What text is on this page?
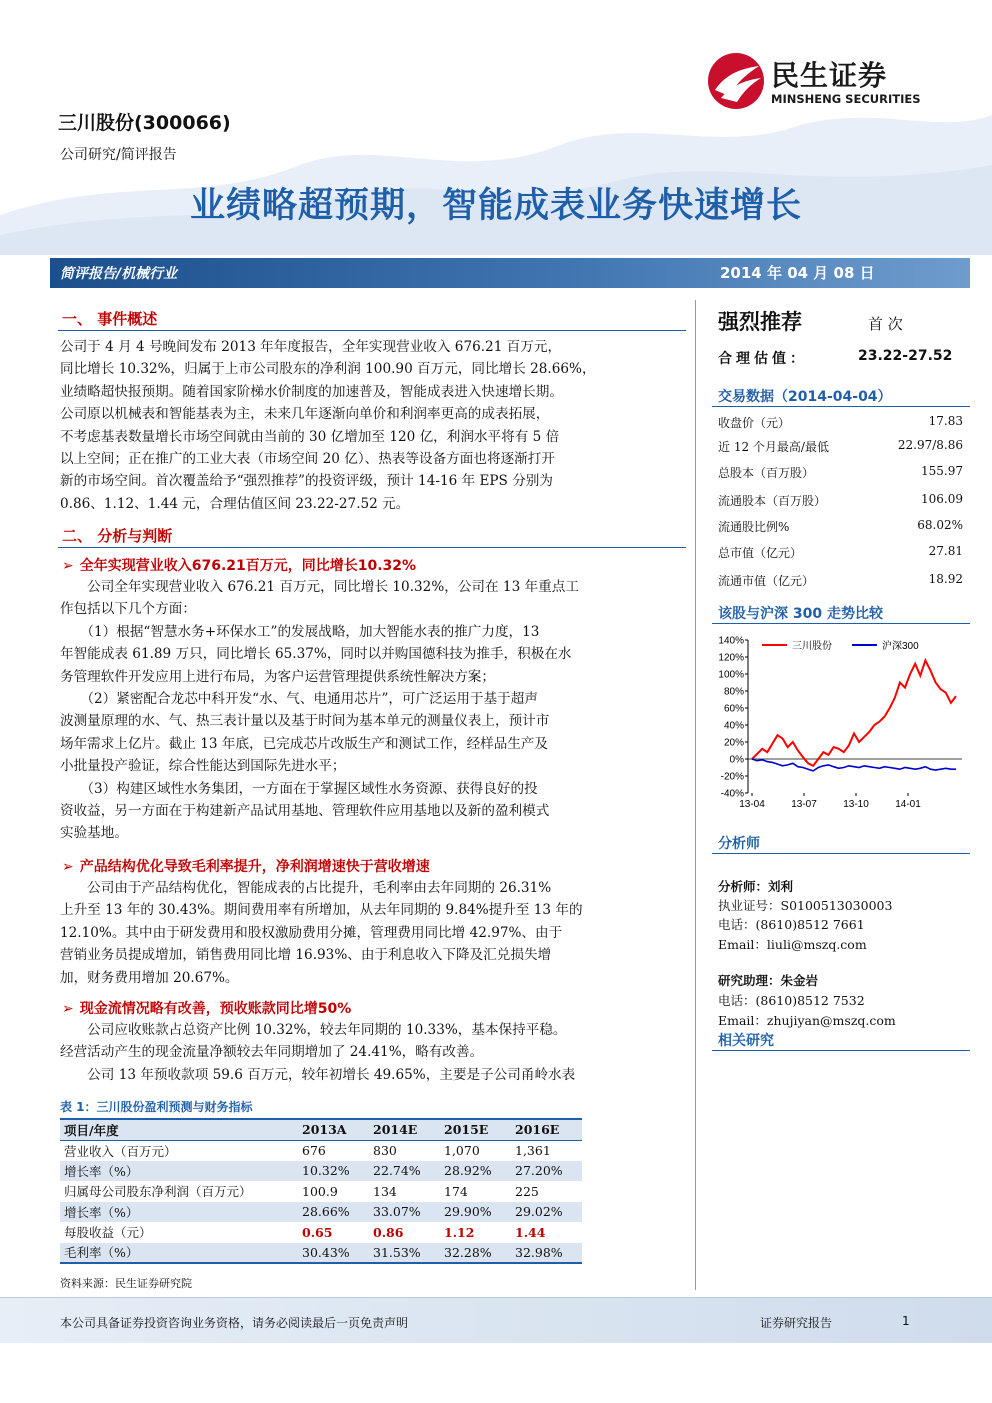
民生证券
MINSHENG SECURITIES
三川股份(300066)
公司研究/简评报告
业绩略超预期，智能成表业务快速增长
简评报告/机械行业	2014 年 04 月 08 日
一、 事件概述
公司于 4 月 4 号晚间发布 2013 年年度报告，全年实现营业收入 676.21 百万元，
同比增长 10.32%，归属于上市公司股东的净利润 100.90 百万元，同比增长 28.66%，
业绩略超快报预期。随着国家阶梯水价制度的加速普及，智能成表进入快速增长期。
公司原以机械表和智能基表为主，未来几年逐渐向单价和利润率更高的成表拓展，
不考虑基表数量增长市场空间就由当前的 30 亿增加至 120 亿，利润水平将有 5 倍
以上空间；正在推广的工业大表（市场空间 20 亿）、热表等设备方面也将逐渐打开
新的市场空间。首次覆盖给予“强烈推荐”的投资评级，预计 14-16 年 EPS 分别为
0.86、1.12、1.44 元，合理估值区间 23.22-27.52 元。
二、 分析与判断
➢ 全年实现营业收入676.21百万元，同比增长10.32%
　　公司全年实现营业收入 676.21 百万元，同比增长 10.32%，公司在 13 年重点工
作包括以下几个方面：
　　（1）根据“智慧水务+环保水工”的发展战略，加大智能水表的推广力度，13
年智能成表 61.89 万只，同比增长 65.37%，同时以并购国德科技为推手，积极在水
务管理软件开发应用上进行布局，为客户运营管理提供系统性解决方案；
　　（2）紧密配合龙芯中科开发“水、气、电通用芯片”，可广泛运用于基于超声
波测量原理的水、气、热三表计量以及基于时间为基本单元的测量仪表上，预计市
场年需求上亿片。截止 13 年底，已完成芯片改版生产和测试工作，经样品生产及
小批量投产验证，综合性能达到国际先进水平；
　　（3）构建区域性水务集团，一方面在于掌握区域性水务资源、获得良好的投
资收益，另一方面在于构建新产品试用基地、管理软件应用基地以及新的盈利模式
实验基地。
➢ 产品结构优化导致毛利率提升，净利润增速快于营收增速
　　公司由于产品结构优化，智能成表的占比提升，毛利率由去年同期的 26.31%
上升至 13 年的 30.43%。期间费用率有所增加，从去年同期的 9.84%提升至 13 年的
12.10%。其中由于研发费用和股权激励费用分摊，管理费用同比增 42.97%、由于
营销业务员提成增加，销售费用同比增 16.93%、由于利息收入下降及汇兑损失增
加，财务费用增加 20.67%。
➢ 现金流情况略有改善，预收账款同比增50%
　　公司应收账款占总资产比例 10.32%，较去年同期的 10.33%，基本保持平稳。
经营活动产生的现金流量净额较去年同期增加了 24.41%，略有改善。
　　公司 13 年预收款项 59.6 百万元，较年初增长 49.65%，主要是子公司甬岭水表
表 1：三川股份盈利预测与财务指标
项目/年度	2013A	2014E	2015E	2016E
营业收入（百万元）	676	830	1,070	1,361
增长率（%）	10.32%	22.74%	28.92%	27.20%
归属母公司股东净利润（百万元）	100.9	134	174	225
增长率（%）	28.66%	33.07%	29.90%	29.02%
每股收益（元）	0.65	0.86	1.12	1.44
毛利率（%）	30.43%	31.53%	32.28%	32.98%
资料来源：民生证券研究院
强烈推荐	首 次
合理估值：	23.22-27.52
交易数据（2014-04-04）
收盘价（元）	17.83
近 12 个月最高/最低	22.97/8.86
总股本（百万股）	155.97
流通股本（百万股）	106.09
流通股比例%	68.02%
总市值（亿元）	27.81
流通市值（亿元）	18.92
该股与沪深 300 走势比较
140%
120%
100%
80%
60%
40%
20%
0%
-20%
-40%
13-04	13-07	13-10	14-01
三川股份	沪深300
分析师
分析师：刘利
执业证号：S0100513030003
电话：(8610)8512 7661
Email：liuli@mszq.com
研究助理：朱金岩
电话：(8610)8512 7532
Email：zhujiyan@mszq.com
相关研究
本公司具备证券投资咨询业务资格，请务必阅读最后一页免责声明	证券研究报告	1
